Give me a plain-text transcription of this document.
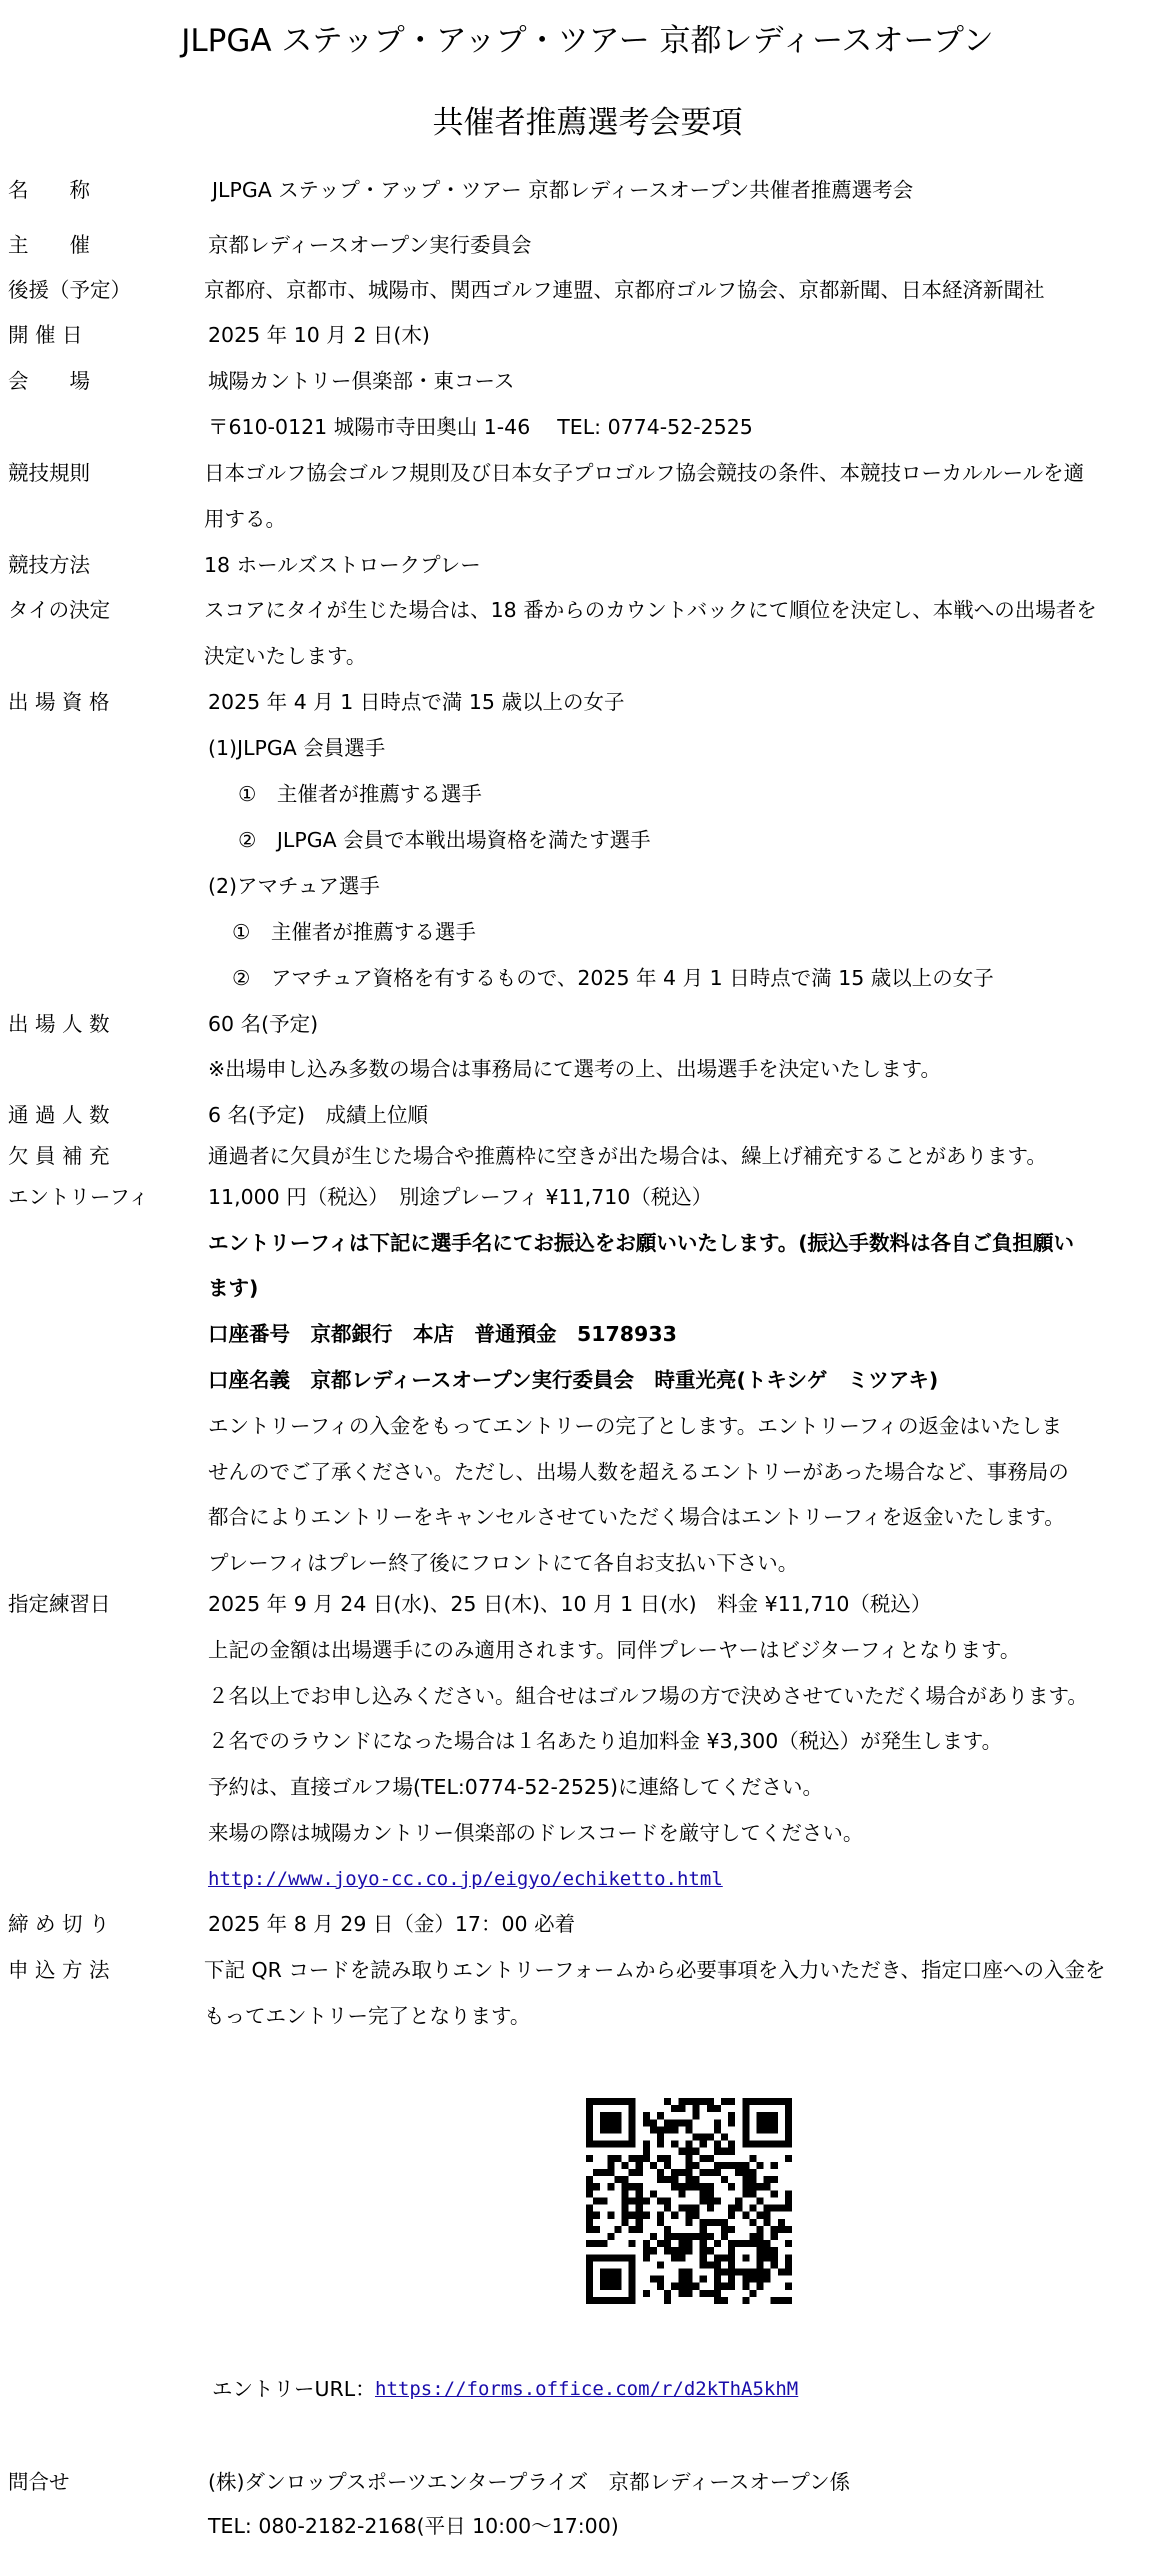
JLPGA ステップ・アップ・ツアー 京都レディースオープン
共催者推薦選考会要項
名　　称	JLPGA ステップ・アップ・ツアー 京都レディースオープン共催者推薦選考会
主　　催	京都レディースオープン実行委員会
後援（予定）	京都府、京都市、城陽市、関西ゴルフ連盟、京都府ゴルフ協会、京都新聞、日本経済新聞社
開 催 日	2025 年 10 月 2 日(木)
会　　場	城陽カントリー倶楽部・東コース
〒610-0121 城陽市寺田奥山 1-46　 TEL: 0774-52-2525
競技規則	日本ゴルフ協会ゴルフ規則及び日本女子プロゴルフ協会競技の条件、本競技ローカルルールを適
用する。
競技方法	18 ホールズストロークプレー
タイの決定	スコアにタイが生じた場合は、18 番からのカウントバックにて順位を決定し、本戦への出場者を
決定いたします。
出 場 資 格	2025 年 4 月 1 日時点で満 15 歳以上の女子
(1)JLPGA 会員選手
①　主催者が推薦する選手
②　JLPGA 会員で本戦出場資格を満たす選手
(2)アマチュア選手
①　主催者が推薦する選手
②　アマチュア資格を有するもので、2025 年 4 月 1 日時点で満 15 歳以上の女子
出 場 人 数	60 名(予定)
※出場申し込み多数の場合は事務局にて選考の上、出場選手を決定いたします。
通 過 人 数	6 名(予定)　成績上位順
欠 員 補 充	通過者に欠員が生じた場合や推薦枠に空きが出た場合は、繰上げ補充することがあります。
エントリーフィ	11,000 円（税込）　別途プレーフィ ¥11,710（税込）
エントリーフィは下記に選手名にてお振込をお願いいたします。(振込手数料は各自ご負担願い
ます)
口座番号　京都銀行　本店　普通預金　5178933
口座名義　京都レディースオープン実行委員会　時重光亮(トキシゲ　ミツアキ)
エントリーフィの入金をもってエントリーの完了とします。エントリーフィの返金はいたしま
せんのでご了承ください。ただし、出場人数を超えるエントリーがあった場合など、事務局の
都合によりエントリーをキャンセルさせていただく場合はエントリーフィを返金いたします。
プレーフィはプレー終了後にフロントにて各自お支払い下さい。
指定練習日	2025 年 9 月 24 日(水)、25 日(木)、10 月 1 日(水)　料金 ¥11,710（税込）
上記の金額は出場選手にのみ適用されます。同伴プレーヤーはビジターフィとなります。
２名以上でお申し込みください。組合せはゴルフ場の方で決めさせていただく場合があります。
２名でのラウンドになった場合は１名あたり追加料金 ¥3,300（税込）が発生します。
予約は、直接ゴルフ場(TEL:0774-52-2525)に連絡してください。
来場の際は城陽カントリー倶楽部のドレスコードを厳守してください。
http://www.joyo-cc.co.jp/eigyo/echiketto.html
締 め 切 り	2025 年 8 月 29 日（金）17：00 必着
申 込 方 法	下記 QR コードを読み取りエントリーフォームから必要事項を入力いただき、指定口座への入金を
もってエントリー完了となります。
エントリーURL： https://forms.office.com/r/d2kThA5khM
問合せ	(株)ダンロップスポーツエンタープライズ　京都レディースオープン係
TEL: 080-2182-2168(平日 10:00～17:00)
